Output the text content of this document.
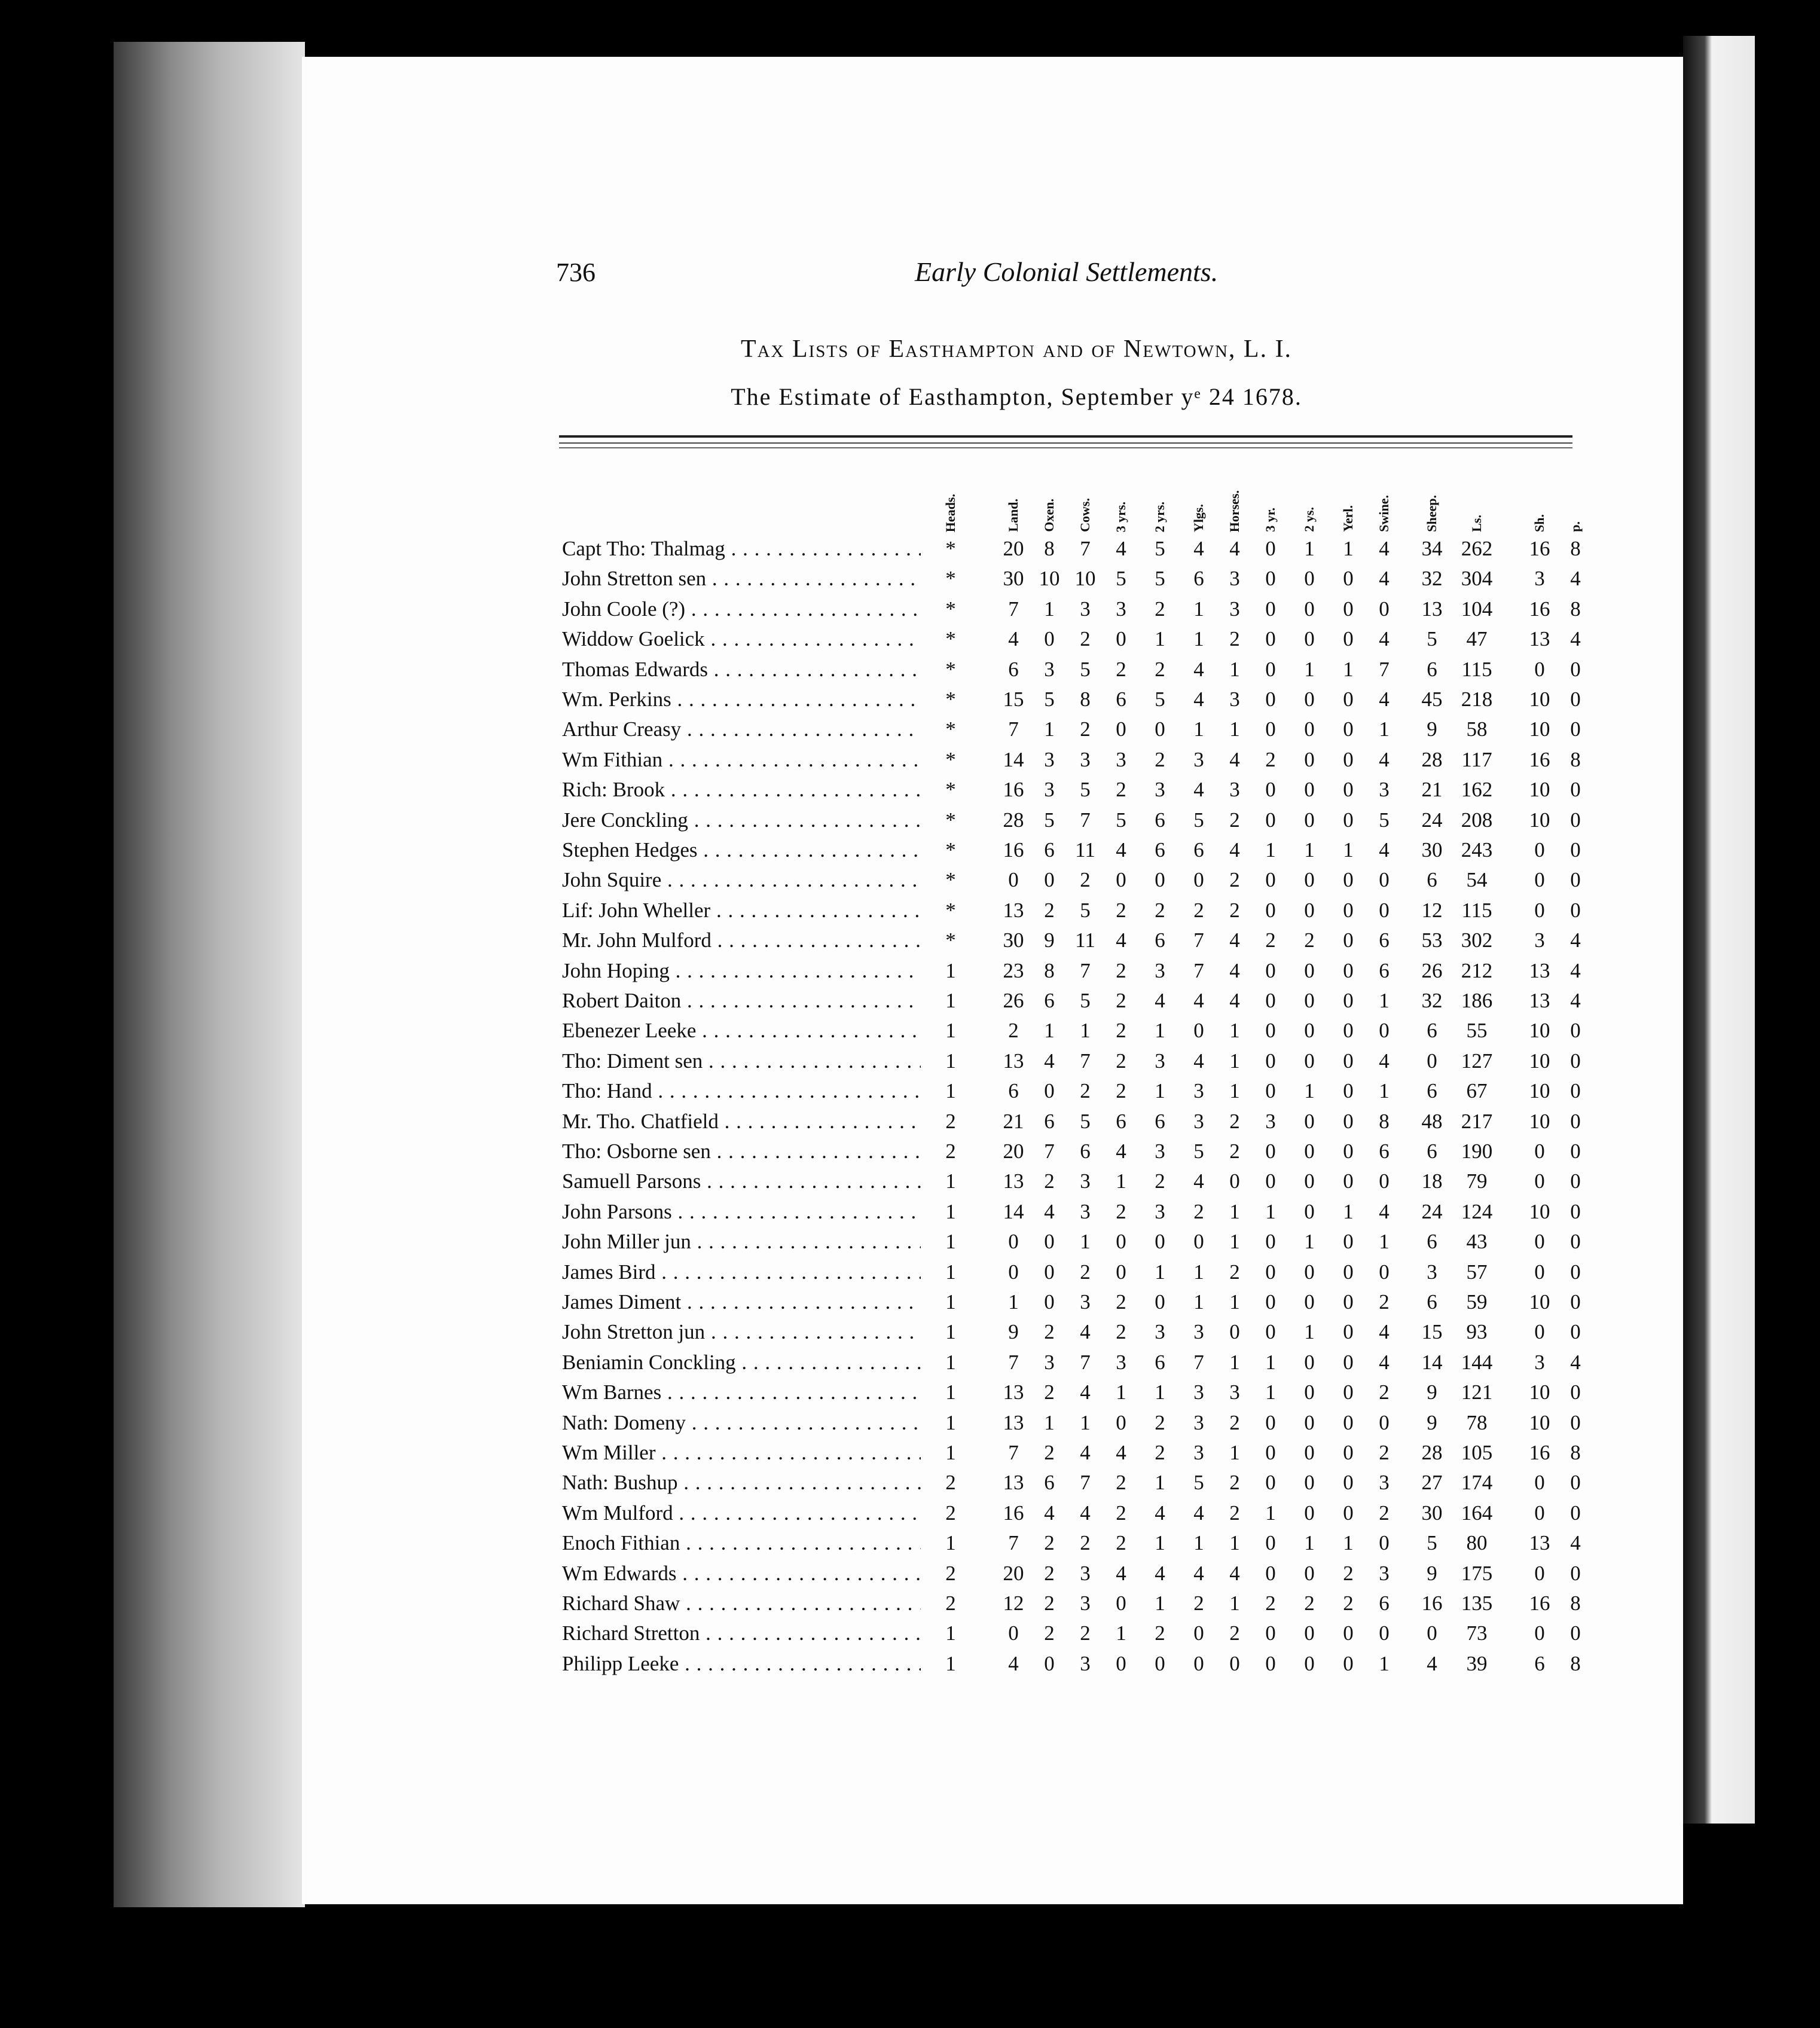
736	Early Colonial Settlements.
Tax Lists of Easthampton and of Newtown, L. I.
The Estimate of Easthampton, September yᵉ 24 1678.
Heads.	Land. Oxen. Cows. 3 yrs. 2 yrs. Ylgs. Horses. 3 yr. 2 ys. Yerl. Swine.	Sheep. Ls.	Sh. p.
Capt Tho: Thalmag . . .	*	20 8	7	4	5	4	4	0	1	1	4	34 262	16 8
John Stretton sen . . .	*	30 10 10 5	5	6	3	0	0	0	4	32 304	3	4
John Coole (?) . . .	*	7	1	3	3	2	1	3	0	0	0	0	13 104	16 8
Widdow Goelick . . .	*	4	0	2	0	1	1	2	0	0	0	4	5	47	13 4
Thomas Edwards . . .	*	6	3	5	2	2	4	1	0	1	1	7	6	115	0	0
Wm. Perkins . . .	*	15 5	8	6	5	4	3	0	0	0	4	45 218	10 0
Arthur Creasy . . .	*	7	1	2	0	0	1	1	0	0	0	1	9	58	10 0
Wm Fithian . . .	*	14 3	3	3	2	3	4	2	0	0	4	28 117	16 8
Rich: Brook . . .	*	16 3	5	2	3	4	3	0	0	0	3	21 162	10 0
Jere Conckling . . .	*	28 5	7	5	6	5	2	0	0	0	5	24 208	10 0
Stephen Hedges . . .	*	16 6 11 4	6	6	4	1	1	1	4	30 243	0	0
John Squire . . .	*	0	0	2	0	0	0	2	0	0	0	0	6	54	0	0
Lif: John Wheller . . .	*	13 2	5	2	2	2	2	0	0	0	0	12 115	0	0
Mr. John Mulford . . .	*	30 9 11 4	6	7	4	2	2	0	6	53 302	3	4
John Hoping . . .	1	23 8	7	2	3	7	4	0	0	0	6	26 212	13 4
Robert Daiton . . .	1	26 6	5	2	4	4	4	0	0	0	1	32 186	13 4
Ebenezer Leeke . . .	1	2	1	1	2	1	0	1	0	0	0	0	6	55	10 0
Tho: Diment sen . . .	1	13 4	7	2	3	4	1	0	0	0	4	0	127	10 0
Tho: Hand . . .	1	6	0	2	2	1	3	1	0	1	0	1	6	67	10 0
Mr. Tho. Chatfield . . .	2	21 6	5	6	6	3	2	3	0	0	8	48 217	10 0
Tho: Osborne sen . . .	2	20 7	6	4	3	5	2	0	0	0	6	6	190	0	0
Samuell Parsons . . .	1	13 2	3	1	2	4	0	0	0	0	0	18	79	0	0
John Parsons . . .	1	14 4	3	2	3	2	1	1	0	1	4	24 124	10 0
John Miller jun . . .	1	0	0	1	0	0	0	1	0	1	0	1	6	43	0	0
James Bird . . .	1	0	0	2	0	1	1	2	0	0	0	0	3	57	0	0
James Diment . . .	1	1	0	3	2	0	1	1	0	0	0	2	6	59	10 0
John Stretton jun . . .	1	9	2	4	2	3	3	0	0	1	0	4	15	93	0	0
Beniamin Conckling . . .	1	7	3	7	3	6	7	1	1	0	0	4	14 144	3	4
Wm Barnes . . .	1	13 2	4	1	1	3	3	1	0	0	2	9	121	10 0
Nath: Domeny . . .	1	13 1	1	0	2	3	2	0	0	0	0	9	78	10 0
Wm Miller . . .	1	7	2	4	4	2	3	1	0	0	0	2	28 105	16 8
Nath: Bushup . . .	2	13 6	7	2	1	5	2	0	0	0	3	27 174	0	0
Wm Mulford . . .	2	16 4	4	2	4	4	2	1	0	0	2	30 164	0	0
Enoch Fithian . . .	1	7	2	2	2	1	1	1	0	1	1	0	5	80	13 4
Wm Edwards . . .	2	20 2	3	4	4	4	4	0	0	2	3	9	175	0	0
Richard Shaw . . .	2	12 2	3	0	1	2	1	2	2	2	6	16 135	16 8
Richard Stretton . . .	1	0	2	2	1	2	0	2	0	0	0	0	0	73	0	0
Philipp Leeke . . .	1	4	0	3	0	0	0	0	0	0	0	1	4	39	6	8
